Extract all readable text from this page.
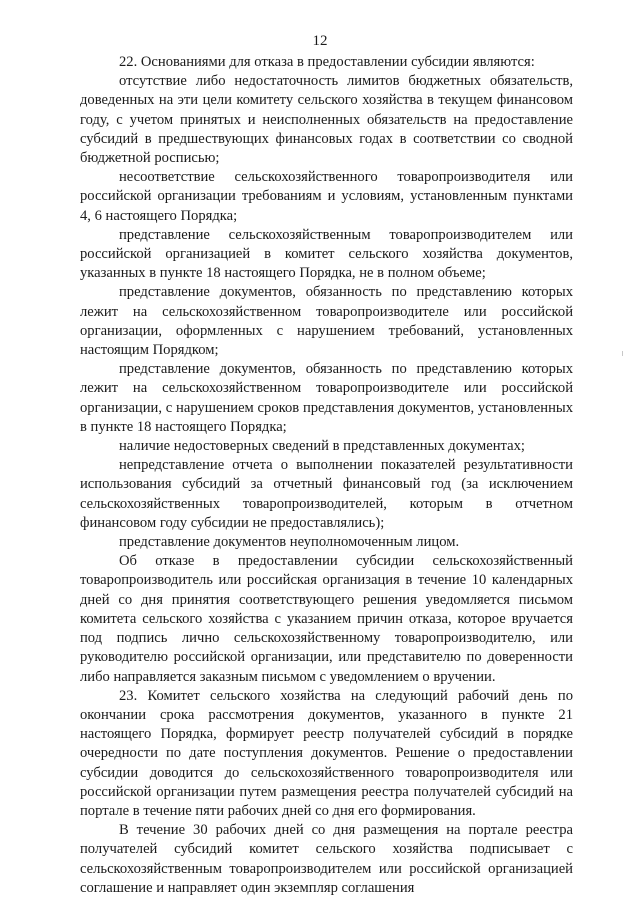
12

22. Основаниями для отказа в предоставлении субсидии являются:

отсутствие либо недостаточность лимитов бюджетных обязательств, доведенных на эти цели комитету сельского хозяйства в текущем финансовом году, с учетом принятых и неисполненных обязательств на предоставление субсидий в предшествующих финансовых годах в соответствии со сводной бюджетной росписью;

несоответствие сельскохозяйственного товаропроизводителя или российской организации требованиям и условиям, установленным пунктами 4, 6 настоящего Порядка;

представление сельскохозяйственным товаропроизводителем или российской организацией в комитет сельского хозяйства документов, указанных в пункте 18 настоящего Порядка, не в полном объеме;

представление документов, обязанность по представлению которых лежит на сельскохозяйственном товаропроизводителе или российской организации, оформленных с нарушением требований, установленных настоящим Порядком;

представление документов, обязанность по представлению которых лежит на сельскохозяйственном товаропроизводителе или российской организации, с нарушением сроков представления документов, установленных в пункте 18 настоящего Порядка;

наличие недостоверных сведений в представленных документах;

непредставление отчета о выполнении показателей результативности использования субсидий за отчетный финансовый год (за исключением сельскохозяйственных товаропроизводителей, которым в отчетном финансовом году субсидии не предоставлялись);

представление документов неуполномоченным лицом.

Об отказе в предоставлении субсидии сельскохозяйственный товаропроизводитель или российская организация в течение 10 календарных дней со дня принятия соответствующего решения уведомляется письмом комитета сельского хозяйства с указанием причин отказа, которое вручается под подпись лично сельскохозяйственному товаропроизводителю, или руководителю российской организации, или представителю по доверенности либо направляется заказным письмом с уведомлением о вручении.

23. Комитет сельского хозяйства на следующий рабочий день по окончании срока рассмотрения документов, указанного в пункте 21 настоящего Порядка, формирует реестр получателей субсидий в порядке очередности по дате поступления документов. Решение о предоставлении субсидии доводится до сельскохозяйственного товаропроизводителя или российской организации путем размещения реестра получателей субсидий на портале в течение пяти рабочих дней со дня его формирования.

В течение 30 рабочих дней со дня размещения на портале реестра получателей субсидий комитет сельского хозяйства подписывает с сельскохозяйственным товаропроизводителем или российской организацией соглашение и направляет один экземпляр соглашения
